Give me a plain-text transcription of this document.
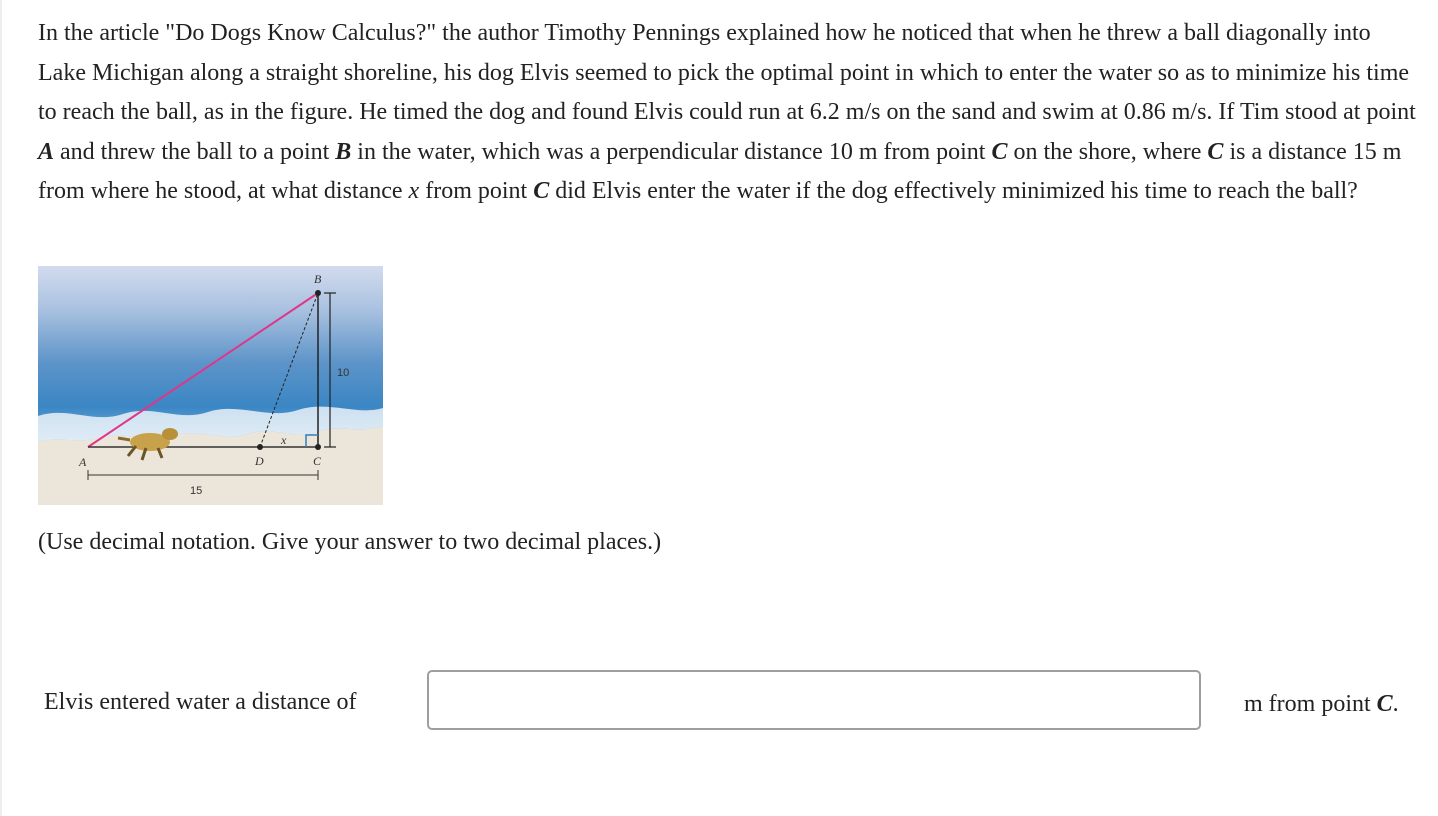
In the article "Do Dogs Know Calculus?" the author Timothy Pennings explained how he noticed that when he threw a ball diagonally into Lake Michigan along a straight shoreline, his dog Elvis seemed to pick the optimal point in which to enter the water so as to minimize his time to reach the ball, as in the figure. He timed the dog and found Elvis could run at 6.2 m/s on the sand and swim at 0.86 m/s. If Tim stood at point A and threw the ball to a point B in the water, which was a perpendicular distance 10 m from point C on the shore, where C is a distance 15 m from where he stood, at what distance x from point C did Elvis enter the water if the dog effectively minimized his time to reach the ball?

B
A	D	C
x
10
15

(Use decimal notation. Give your answer to two decimal places.)

Elvis entered water a distance of	m from point C.
